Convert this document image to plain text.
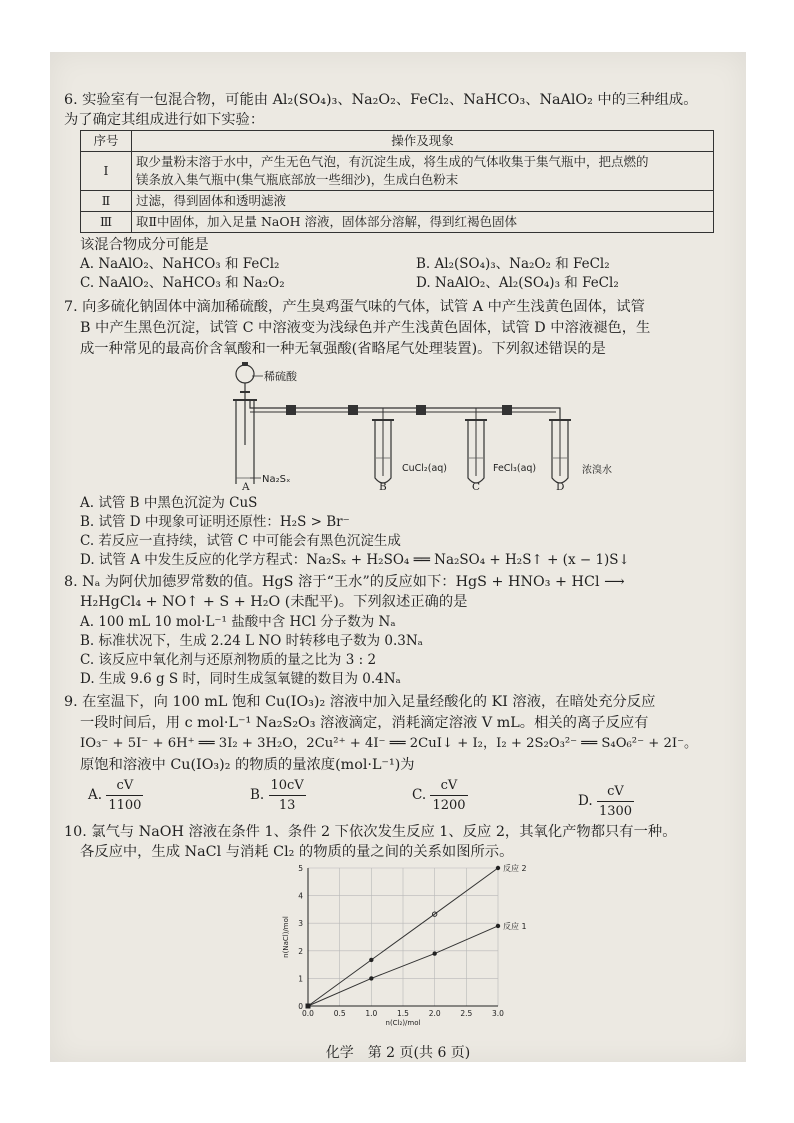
6. 实验室有一包混合物，可能由 Al₂(SO₄)₃、Na₂O₂、FeCl₂、NaHCO₃、NaAlO₂ 中的三种组成。
为了确定其组成进行如下实验：
序号	操作及现象
Ⅰ	取少量粉末溶于水中，产生无色气泡，有沉淀生成，将生成的气体收集于集气瓶中，把点燃的
镁条放入集气瓶中(集气瓶底部放一些细沙)，生成白色粉末

Ⅱ	过滤，得到固体和透明滤液
Ⅲ	取Ⅱ中固体，加入足量 NaOH 溶液，固体部分溶解，得到红褐色固体
该混合物成分可能是
A. NaAlO₂、NaHCO₃ 和 FeCl₂	B. Al₂(SO₄)₃、Na₂O₂ 和 FeCl₂
C. NaAlO₂、NaHCO₃ 和 Na₂O₂	D. NaAlO₂、Al₂(SO₄)₃ 和 FeCl₂
7. 向多硫化钠固体中滴加稀硫酸，产生臭鸡蛋气味的气体，试管 A 中产生浅黄色固体，试管
B 中产生黑色沉淀，试管 C 中溶液变为浅绿色并产生浅黄色固体，试管 D 中溶液褪色，生
成一种常见的最高价含氧酸和一种无氧强酸(省略尾气处理装置)。下列叙述错误的是
稀硫酸
Na₂Sₓ
CuCl₂(aq)	FeCl₃(aq)	浓溴水
A	B	C	D
A. 试管 B 中黑色沉淀为 CuS
B. 试管 D 中现象可证明还原性：H₂S > Br⁻
C. 若反应一直持续，试管 C 中可能会有黑色沉淀生成
D. 试管 A 中发生反应的化学方程式：Na₂Sₓ + H₂SO₄ ══ Na₂SO₄ + H₂S↑ + (x − 1)S↓
8. Nₐ 为阿伏加德罗常数的值。HgS 溶于“王水”的反应如下：HgS + HNO₃ + HCl ⟶
H₂HgCl₄ + NO↑ + S + H₂O (未配平)。下列叙述正确的是
A. 100 mL 10 mol·L⁻¹ 盐酸中含 HCl 分子数为 Nₐ
B. 标准状况下，生成 2.24 L NO 时转移电子数为 0.3Nₐ
C. 该反应中氧化剂与还原剂物质的量之比为 3 : 2
D. 生成 9.6 g S 时，同时生成氢氧键的数目为 0.4Nₐ
9. 在室温下，向 100 mL 饱和 Cu(IO₃)₂ 溶液中加入足量经酸化的 KI 溶液，在暗处充分反应
一段时间后，用 c mol·L⁻¹ Na₂S₂O₃ 溶液滴定，消耗滴定溶液 V mL。相关的离子反应有
IO₃⁻ + 5I⁻ + 6H⁺ ══ 3I₂ + 3H₂O，2Cu²⁺ + 4I⁻ ══ 2CuI↓ + I₂，I₂ + 2S₂O₃²⁻ ══ S₄O₆²⁻ + 2I⁻。
原饱和溶液中 Cu(IO₃)₂ 的物质的量浓度(mol·L⁻¹)为
A. $\frac{cV}{1100}$	B. $\frac{10cV}{13}$	C. $\frac{cV}{1200}$	D. $\frac{cV}{1300}$
10. 氯气与 NaOH 溶液在条件 1、条件 2 下依次发生反应 1、反应 2，其氧化产物都只有一种。
各反应中，生成 NaCl 与消耗 Cl₂ 的物质的量之间的关系如图所示。
0.0	0.5	1.0	1.5	2.0	2.5	3.0
0
1
2
3
4
5
n(Cl₂)/mol
n(NaCl)/mol
反应 2
反应 1
化学　第 2 页(共 6 页)
